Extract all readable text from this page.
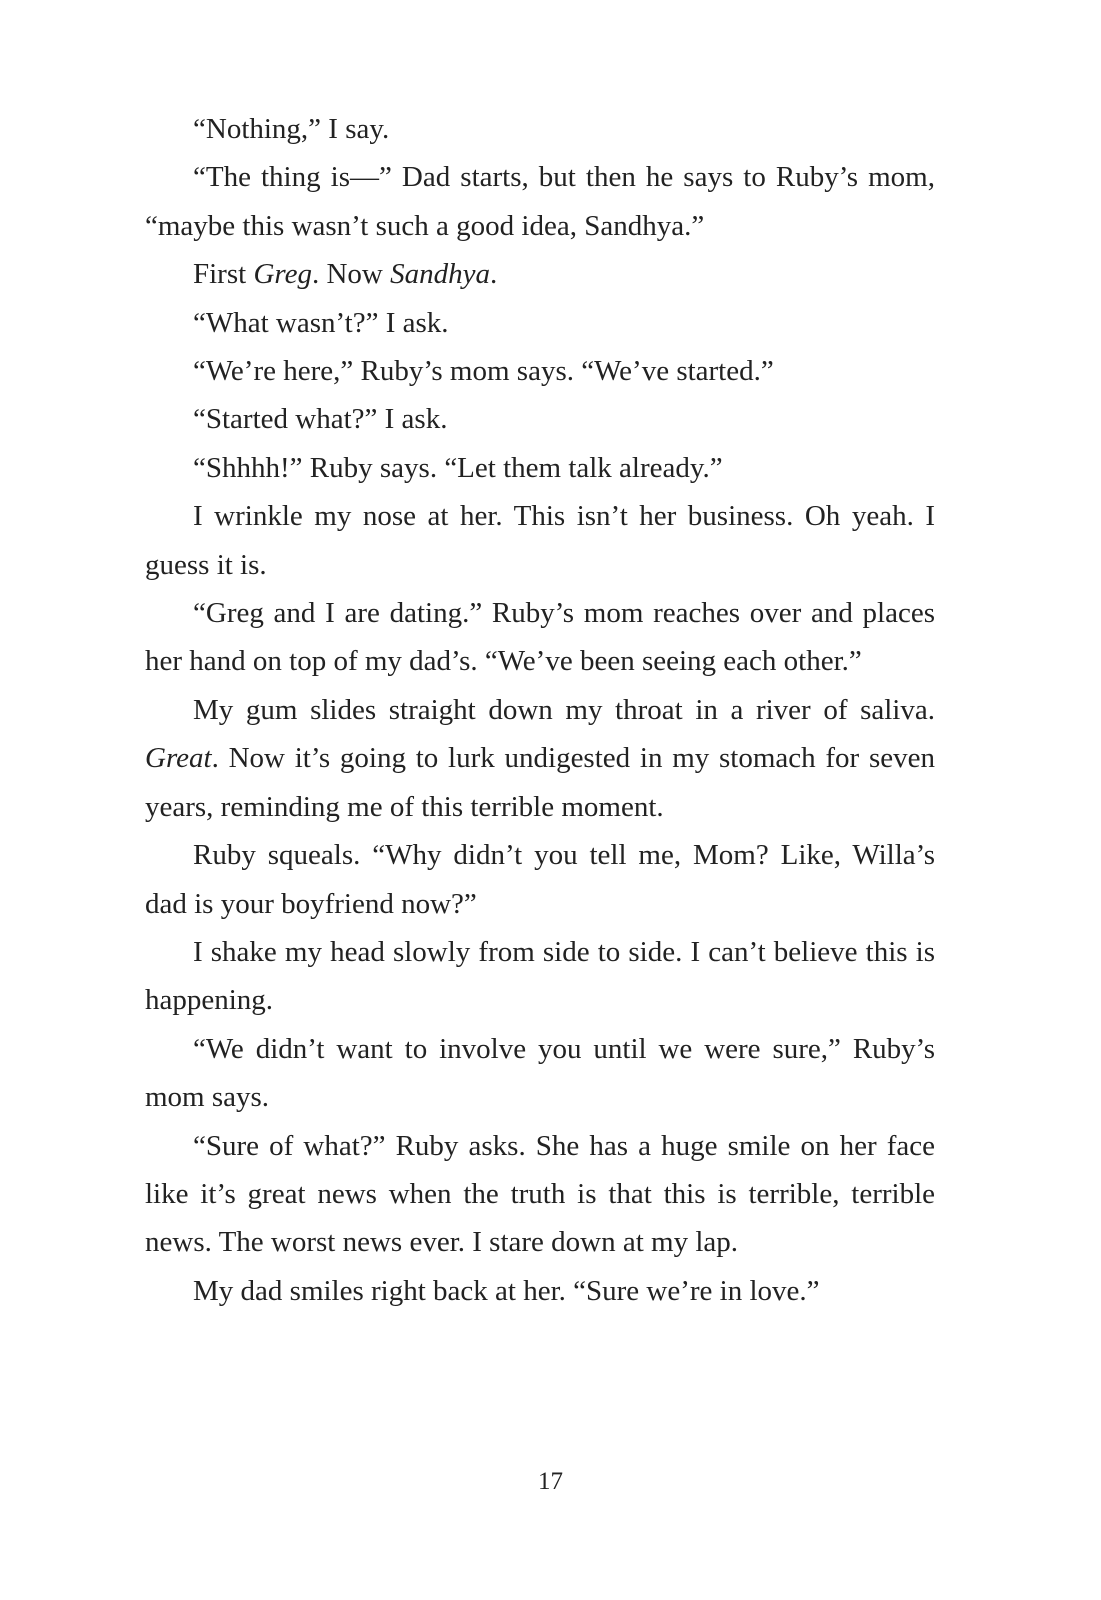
“Nothing,” I say.

“The thing is—” Dad starts, but then he says to Ruby’s mom, “maybe this wasn’t such a good idea, Sandhya.”

First Greg. Now Sandhya.

“What wasn’t?” I ask.

“We’re here,” Ruby’s mom says. “We’ve started.”

“Started what?” I ask.

“Shhhh!” Ruby says. “Let them talk already.”

I wrinkle my nose at her. This isn’t her business. Oh yeah. I guess it is.

“Greg and I are dating.” Ruby’s mom reaches over and places her hand on top of my dad’s. “We’ve been seeing each other.”

My gum slides straight down my throat in a river of saliva. Great. Now it’s going to lurk undigested in my stomach for seven years, reminding me of this terrible moment.

Ruby squeals. “Why didn’t you tell me, Mom? Like, Willa’s dad is your boyfriend now?”

I shake my head slowly from side to side. I can’t believe this is happening.

“We didn’t want to involve you until we were sure,” Ruby’s mom says.

“Sure of what?” Ruby asks. She has a huge smile on her face like it’s great news when the truth is that this is terrible, terrible news. The worst news ever. I stare down at my lap.

My dad smiles right back at her. “Sure we’re in love.”

17
